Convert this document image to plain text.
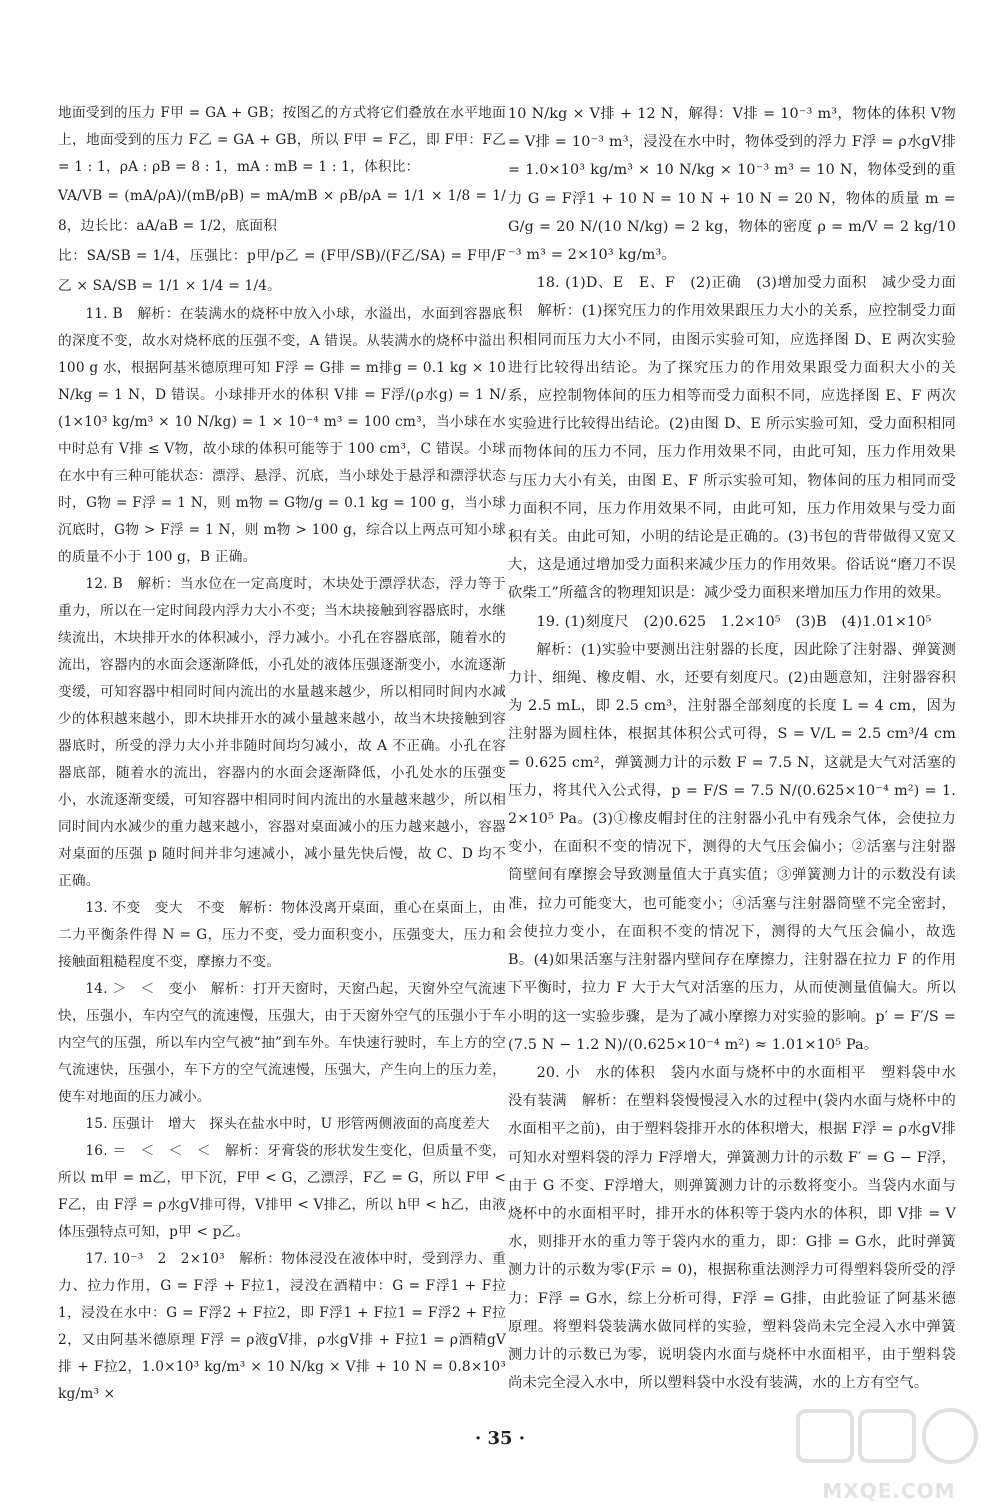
地面受到的压力 F甲 = GA + GB；按图乙的方式将它们叠放在水平地面上，地面受到的压力 F乙 = GA + GB，所以 F甲 = F乙，即 F甲：F乙 = 1 : 1，ρA : ρB = 8 : 1，mA : mB = 1 : 1，体积比：

VA/VB = (mA/ρA)/(mB/ρB) = mA/mB × ρB/ρA = 1/1 × 1/8 = 1/8，边长比：aA/aB = 1/2，底面积

比：SA/SB = 1/4，压强比：p甲/p乙 = (F甲/SB)/(F乙/SA) = F甲/F乙 × SA/SB = 1/1 × 1/4 = 1/4。

11. B　解析：在装满水的烧杯中放入小球，水溢出，水面到容器底的深度不变，故水对烧杯底的压强不变，A 错误。从装满水的烧杯中溢出100 g 水，根据阿基米德原理可知 F浮 = G排 = m排g = 0.1 kg × 10 N/kg = 1 N，D 错误。小球排开水的体积 V排 = F浮/(ρ水g) = 1 N/(1×10³ kg/m³ × 10 N/kg) = 1 × 10⁻⁴ m³ = 100 cm³，当小球在水中时总有 V排 ≤ V物，故小球的体积可能等于 100 cm³，C 错误。小球在水中有三种可能状态：漂浮、悬浮、沉底，当小球处于悬浮和漂浮状态时，G物 = F浮 = 1 N，则 m物 = G物/g = 0.1 kg = 100 g，当小球沉底时，G物 > F浮 = 1 N，则 m物 > 100 g，综合以上两点可知小球的质量不小于 100 g，B 正确。

12. B　解析：当水位在一定高度时，木块处于漂浮状态，浮力等于重力，所以在一定时间段内浮力大小不变；当木块接触到容器底时，水继续流出，木块排开水的体积减小，浮力减小。小孔在容器底部，随着水的流出，容器内的水面会逐渐降低，小孔处的液体压强逐渐变小，水流逐渐变缓，可知容器中相同时间内流出的水量越来越少，所以相同时间内水减少的体积越来越小，即木块排开水的减小量越来越小，故当木块接触到容器底时，所受的浮力大小并非随时间均匀减小，故 A 不正确。小孔在容器底部，随着水的流出，容器内的水面会逐渐降低，小孔处水的压强变小，水流逐渐变缓，可知容器中相同时间内流出的水量越来越少，所以相同时间内水减少的重力越来越小，容器对桌面减小的压力越来越小，容器对桌面的压强 p 随时间并非匀速减小，减小量先快后慢，故 C、D 均不正确。

13. 不变　变大　不变　解析：物体没离开桌面，重心在桌面上，由二力平衡条件得 N = G，压力不变，受力面积变小，压强变大，压力和接触面粗糙程度不变，摩擦力不变。

14. ＞　＜　变小　解析：打开天窗时，天窗凸起，天窗外空气流速快，压强小，车内空气的流速慢，压强大，由于天窗外空气的压强小于车内空气的压强，所以车内空气被“抽”到车外。车快速行驶时，车上方的空气流速快，压强小，车下方的空气流速慢，压强大，产生向上的压力差，使车对地面的压力减小。

15. 压强计　增大　探头在盐水中时，U 形管两侧液面的高度差大

16. ＝　＜　＜　＜　解析：牙膏袋的形状发生变化，但质量不变，所以 m甲 = m乙，甲下沉，F甲 < G，乙漂浮，F乙 = G，所以 F甲 < F乙，由 F浮 = ρ水gV排可得，V排甲 < V排乙，所以 h甲 < h乙，由液体压强特点可知，p甲 < p乙。

17. 10⁻³　2　2×10³　解析：物体浸没在液体中时，受到浮力、重力、拉力作用，G = F浮 + F拉1，浸没在酒精中：G = F浮1 + F拉1，浸没在水中：G = F浮2 + F拉2，即 F浮1 + F拉1 = F浮2 + F拉2，又由阿基米德原理 F浮 = ρ液gV排，ρ水gV排 + F拉1 = ρ酒精gV排 + F拉2，1.0×10³ kg/m³ × 10 N/kg × V排 + 10 N = 0.8×10³ kg/m³ ×

10 N/kg × V排 + 12 N，解得：V排 = 10⁻³ m³，物体的体积 V物 = V排 = 10⁻³ m³，浸没在水中时，物体受到的浮力 F浮 = ρ水gV排 = 1.0×10³ kg/m³ × 10 N/kg × 10⁻³ m³ = 10 N，物体受到的重力 G = F浮1 + 10 N = 10 N + 10 N = 20 N，物体的质量 m = G/g = 20 N/(10 N/kg) = 2 kg，物体的密度 ρ = m/V = 2 kg/10⁻³ m³ = 2×10³ kg/m³。

18. (1)D、E　E、F　(2)正确　(3)增加受力面积　减少受力面积　解析：(1)探究压力的作用效果跟压力大小的关系，应控制受力面积相同而压力大小不同，由图示实验可知，应选择图 D、E 两次实验进行比较得出结论。为了探究压力的作用效果跟受力面积大小的关系，应控制物体间的压力相等而受力面积不同，应选择图 E、F 两次实验进行比较得出结论。(2)由图 D、E 所示实验可知，受力面积相同而物体间的压力不同，压力作用效果不同，由此可知，压力作用效果与压力大小有关，由图 E、F 所示实验可知，物体间的压力相同而受力面积不同，压力作用效果不同，由此可知，压力作用效果与受力面积有关。由此可知，小明的结论是正确的。(3)书包的背带做得又宽又大，这是通过增加受力面积来减少压力的作用效果。俗话说“磨刀不误砍柴工”所蕴含的物理知识是：减少受力面积来增加压力作用的效果。

19. (1)刻度尺　(2)0.625　1.2×10⁵　(3)B　(4)1.01×10⁵

解析：(1)实验中要测出注射器的长度，因此除了注射器、弹簧测力计、细绳、橡皮帽、水，还要有刻度尺。(2)由题意知，注射器容积为 2.5 mL，即 2.5 cm³，注射器全部刻度的长度 L = 4 cm，因为注射器为圆柱体，根据其体积公式可得，S = V/L = 2.5 cm³/4 cm = 0.625 cm²，弹簧测力计的示数 F = 7.5 N，这就是大气对活塞的压力，将其代入公式得，p = F/S = 7.5 N/(0.625×10⁻⁴ m²) = 1.2×10⁵ Pa。(3)①橡皮帽封住的注射器小孔中有残余气体，会使拉力变小，在面积不变的情况下，测得的大气压会偏小；②活塞与注射器筒壁间有摩擦会导致测量值大于真实值；③弹簧测力计的示数没有读准，拉力可能变大，也可能变小；④活塞与注射器筒壁不完全密封，会使拉力变小，在面积不变的情况下，测得的大气压会偏小，故选 B。(4)如果活塞与注射器内壁间存在摩擦力，注射器在拉力 F 的作用下平衡时，拉力 F 大于大气对活塞的压力，从而使测量值偏大。所以小明的这一实验步骤，是为了减小摩擦力对实验的影响。p′ = F′/S = (7.5 N − 1.2 N)/(0.625×10⁻⁴ m²) ≈ 1.01×10⁵ Pa。

20. 小　水的体积　袋内水面与烧杯中的水面相平　塑料袋中水没有装满　解析：在塑料袋慢慢浸入水的过程中(袋内水面与烧杯中的水面相平之前)，由于塑料袋排开水的体积增大，根据 F浮 = ρ水gV排可知水对塑料袋的浮力 F浮增大，弹簧测力计的示数 F′ = G − F浮，由于 G 不变、F浮增大，则弹簧测力计的示数将变小。当袋内水面与烧杯中的水面相平时，排开水的体积等于袋内水的体积，即 V排 = V水，则排开水的重力等于袋内水的重力，即：G排 = G水，此时弹簧测力计的示数为零(F示 = 0)，根据称重法测浮力可得塑料袋所受的浮力：F浮 = G水，综上分析可得，F浮 = G排，由此验证了阿基米德原理。将塑料袋装满水做同样的实验，塑料袋尚未完全浸入水中弹簧测力计的示数已为零，说明袋内水面与烧杯中水面相平，由于塑料袋尚未完全浸入水中，所以塑料袋中水没有装满，水的上方有空气。

· 35 ·
MXQE.COM
